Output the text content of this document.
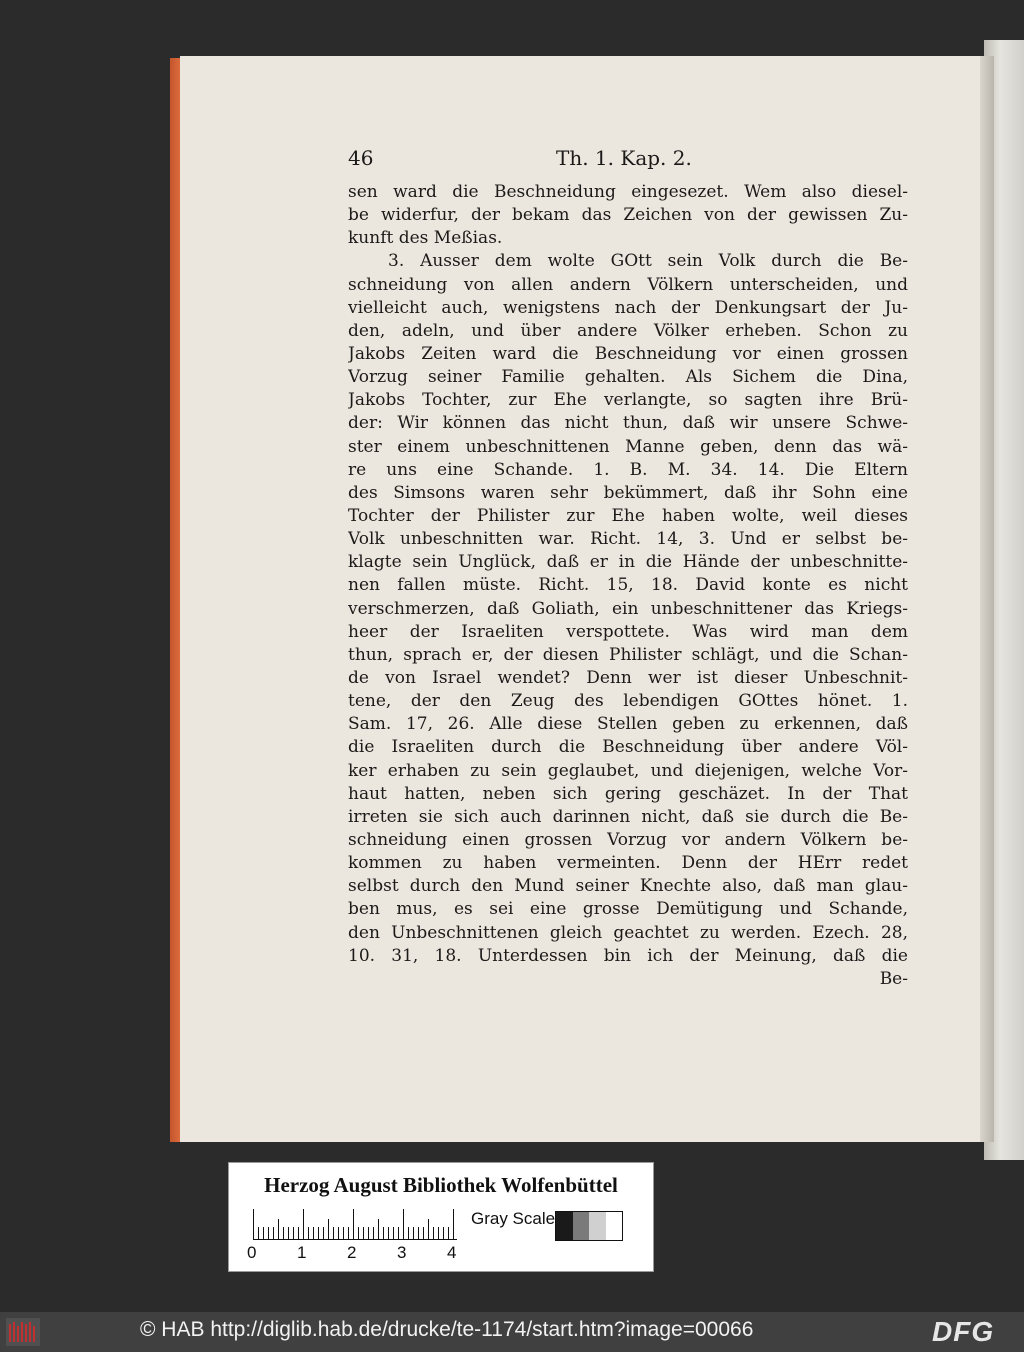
46	Th. 1. Kap. 2.
sen ward die Beschneidung eingesezet. Wem also diesel-
be widerfur, der bekam das Zeichen von der gewissen Zu-
kunft des Meßias.
3. Ausser dem wolte GOtt sein Volk durch die Be-
schneidung von allen andern Völkern unterscheiden, und
vielleicht auch, wenigstens nach der Denkungsart der Ju-
den, adeln, und über andere Völker erheben. Schon zu
Jakobs Zeiten ward die Beschneidung vor einen grossen
Vorzug seiner Familie gehalten. Als Sichem die Dina,
Jakobs Tochter, zur Ehe verlangte, so sagten ihre Brü-
der: Wir können das nicht thun, daß wir unsere Schwe-
ster einem unbeschnittenen Manne geben, denn das wä-
re uns eine Schande. 1. B. M. 34. 14. Die Eltern
des Simsons waren sehr bekümmert, daß ihr Sohn eine
Tochter der Philister zur Ehe haben wolte, weil dieses
Volk unbeschnitten war. Richt. 14, 3. Und er selbst be-
klagte sein Unglück, daß er in die Hände der unbeschnitte-
nen fallen müste. Richt. 15, 18. David konte es nicht
verschmerzen, daß Goliath, ein unbeschnittener das Kriegs-
heer der Israeliten verspottete. Was wird man dem
thun, sprach er, der diesen Philister schlägt, und die Schan-
de von Israel wendet? Denn wer ist dieser Unbeschnit-
tene, der den Zeug des lebendigen GOttes hönet. 1.
Sam. 17, 26. Alle diese Stellen geben zu erkennen, daß
die Israeliten durch die Beschneidung über andere Völ-
ker erhaben zu sein geglaubet, und diejenigen, welche Vor-
haut hatten, neben sich gering geschäzet. In der That
irreten sie sich auch darinnen nicht, daß sie durch die Be-
schneidung einen grossen Vorzug vor andern Völkern be-
kommen zu haben vermeinten. Denn der HErr redet
selbst durch den Mund seiner Knechte also, daß man glau-
ben mus, es sei eine grosse Demütigung und Schande,
den Unbeschnittenen gleich geachtet zu werden. Ezech. 28,
10. 31, 18. Unterdessen bin ich der Meinung, daß die
Be-
Herzog August Bibliothek Wolfenbüttel
0 1 2 3 4
Gray Scale
© HAB http://diglib.hab.de/drucke/te-1174/start.htm?image=00066	DFG
